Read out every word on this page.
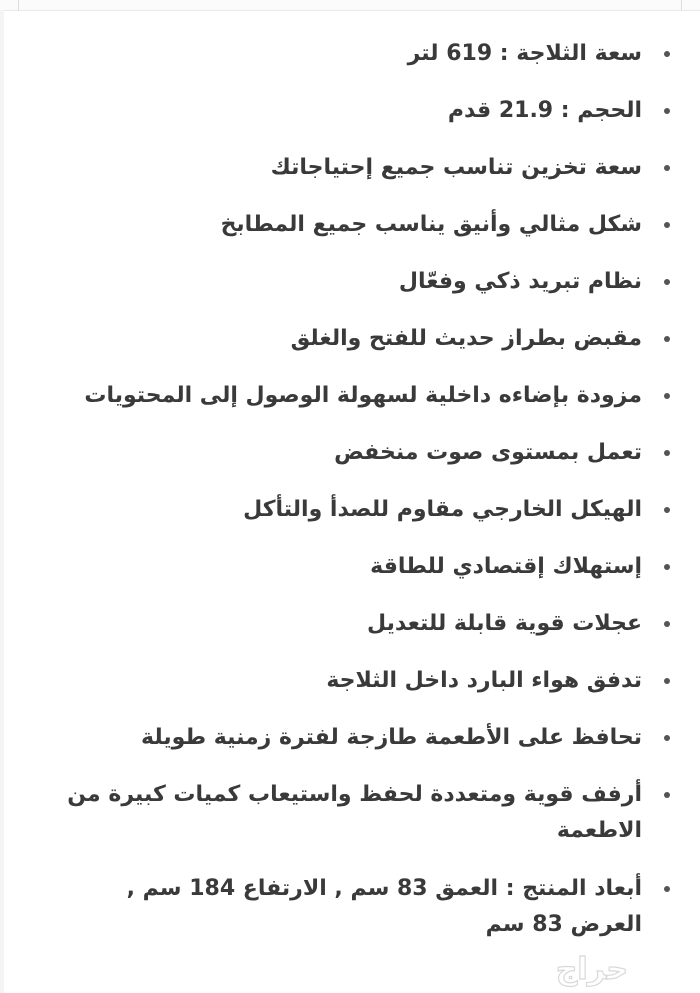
سعة الثلاجة : 619 لتر
الحجم : 21.9 قدم
سعة تخزين تناسب جميع إحتياجاتك
شكل مثالي وأنيق يناسب جميع المطابخ
نظام تبريد ذكي وفعّال
مقبض بطراز حديث للفتح والغلق
مزودة بإضاءه داخلية لسهولة الوصول إلى المحتويات
تعمل بمستوى صوت منخفض
الهيكل الخارجي مقاوم للصدأ والتأكل
إستهلاك إقتصادي للطاقة
عجلات قوية قابلة للتعديل
تدفق هواء البارد داخل الثلاجة
تحافظ على الأطعمة طازجة لفترة زمنية طويلة
أرفف قوية ومتعددة لحفظ واستيعاب كميات كبيرة من الاطعمة
أبعاد المنتج : العمق 83 سم , الارتفاع 184 سم , العرض 83 سم
حراج
